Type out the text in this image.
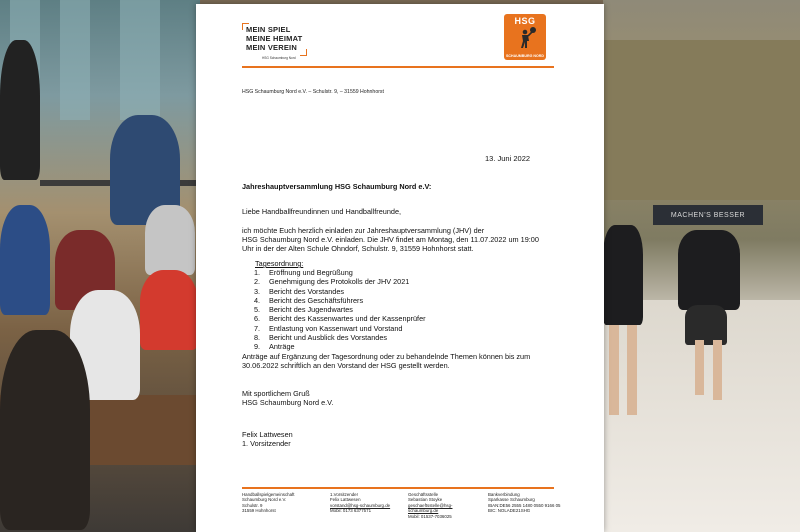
MACHEN'S BESSER
MEIN SPIEL
MEINE HEIMAT
MEIN VEREIN
HSG Schaumburg Nord
HSG
SCHAUMBURG NORD
HSG Schaumburg Nord e.V. – Schulstr. 9, – 31559 Hohnhorst
13. Juni 2022
Jahreshauptversammlung HSG Schaumburg Nord e.V:
Liebe Handballfreundinnen und Handballfreunde,
ich möchte Euch herzlich einladen zur Jahreshauptversammlung (JHV) der
HSG Schaumburg Nord e.V. einladen. Die JHV findet am Montag, den 11.07.2022 um 19:00
Uhr in der der Alten Schule Ohndorf, Schulstr. 9, 31559 Hohnhorst statt.
Tagesordnung:
1. Eröffnung und Begrüßung
2. Genehmigung des Protokolls der JHV 2021
3. Bericht des Vorstandes
4. Bericht des Geschäftsführers
5. Bericht des Jugendwartes
6. Bericht des Kassenwartes und der Kassenprüfer
7. Entlastung von Kassenwart und Vorstand
8. Bericht und Ausblick des Vorstandes
9. Anträge
Anträge auf Ergänzung der Tagesordnung oder zu behandelnde Themen können bis zum
30.06.2022 schriftlich an den Vorstand der HSG gestellt werden.
Mit sportlichem Gruß
HSG Schaumburg Nord e.V.
Felix Lattwesen
1. Vorsitzender
Handballspielgemeinschaft
Schaumburg Nord e.V.
Schulstr. 9
31559 Hohnhorst
1.Vorsitzender
Felix Lattwesen
vorstand@hsg-schaumburg.de
Mobil: 0173 6377571
Geschäftsstelle
Sebastian Stoyke
geschaeftsstelle@hsg-
schaumburg.de
Mobil: 01537-7036025
Bankverbindung
Sparkasse Schaumburg
IBAN:DE56 2555 1480 0550 9166 05
BIC: NOLADE21SHG
